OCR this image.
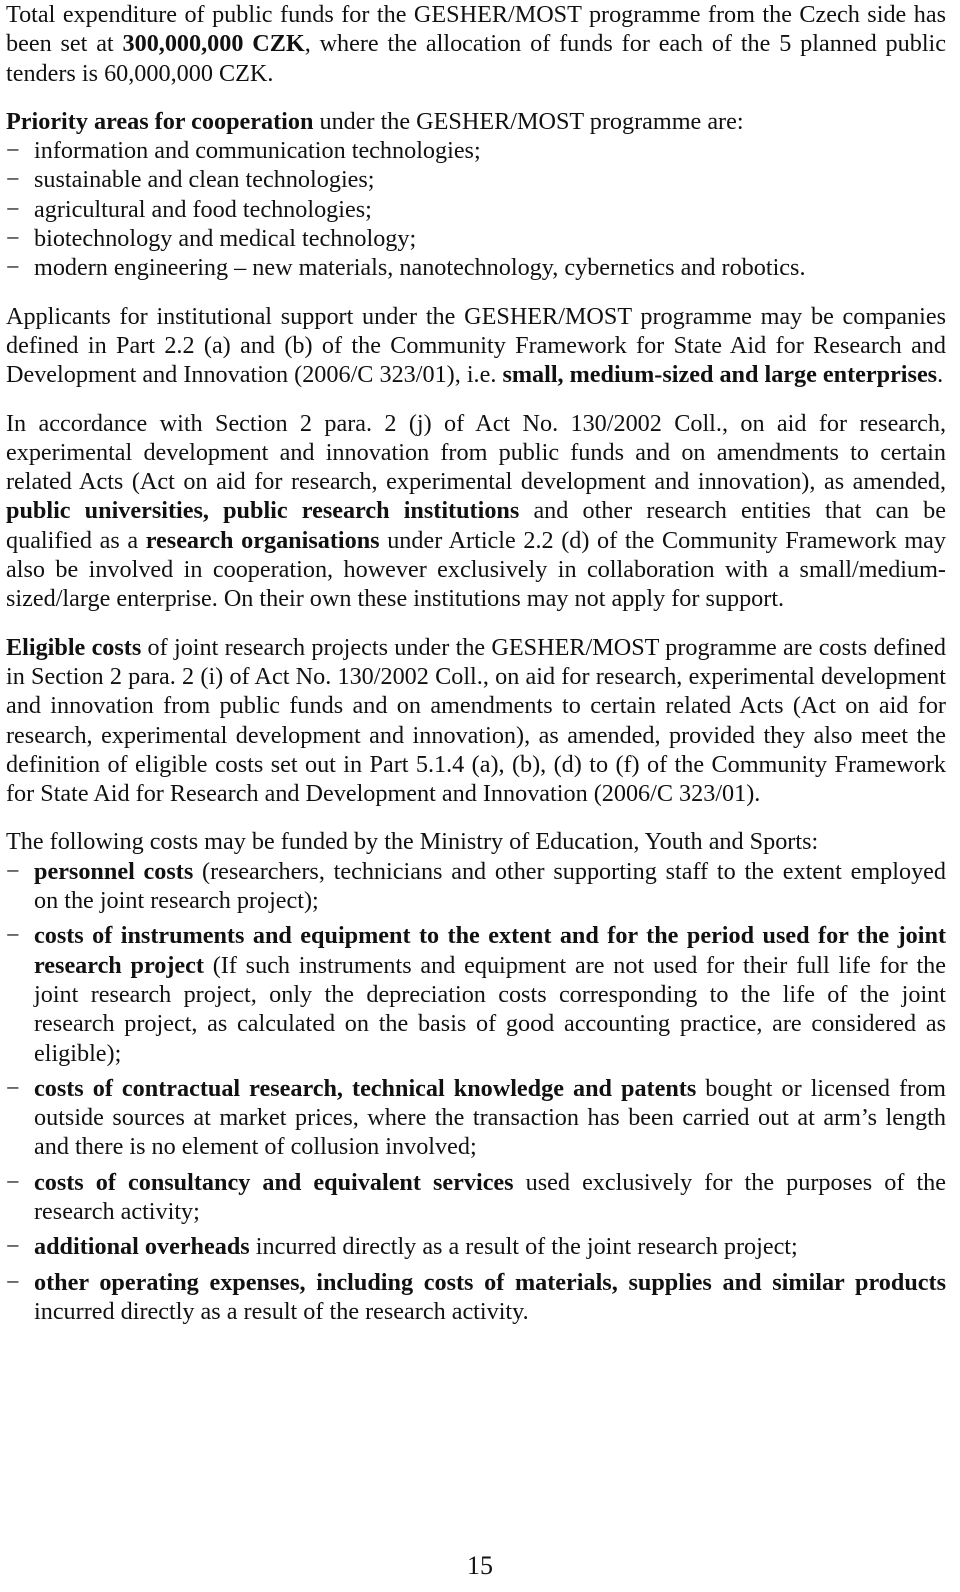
Total expenditure of public funds for the GESHER/MOST programme from the Czech side has been set at 300,000,000 CZK, where the allocation of funds for each of the 5 planned public tenders is 60,000,000 CZK.

Priority areas for cooperation under the GESHER/MOST programme are:

− information and communication technologies;
− sustainable and clean technologies;
− agricultural and food technologies;
− biotechnology and medical technology;
− modern engineering – new materials, nanotechnology, cybernetics and robotics.

Applicants for institutional support under the GESHER/MOST programme may be companies defined in Part 2.2 (a) and (b) of the Community Framework for State Aid for Research and Development and Innovation (2006/C 323/01), i.e. small, medium-sized and large enterprises.

In accordance with Section 2 para. 2 (j) of Act No. 130/2002 Coll., on aid for research, experimental development and innovation from public funds and on amendments to certain related Acts (Act on aid for research, experimental development and innovation), as amended, public universities, public research institutions and other research entities that can be qualified as a research organisations under Article 2.2 (d) of the Community Framework may also be involved in cooperation, however exclusively in collaboration with a small/medium-sized/large enterprise. On their own these institutions may not apply for support.

Eligible costs of joint research projects under the GESHER/MOST programme are costs defined in Section 2 para. 2 (i) of Act No. 130/2002 Coll., on aid for research, experimental development and innovation from public funds and on amendments to certain related Acts (Act on aid for research, experimental development and innovation), as amended, provided they also meet the definition of eligible costs set out in Part 5.1.4 (a), (b), (d) to (f) of the Community Framework for State Aid for Research and Development and Innovation (2006/C 323/01).

The following costs may be funded by the Ministry of Education, Youth and Sports:

− personnel costs (researchers, technicians and other supporting staff to the extent employed on the joint research project);
− costs of instruments and equipment to the extent and for the period used for the joint research project (If such instruments and equipment are not used for their full life for the joint research project, only the depreciation costs corresponding to the life of the joint research project, as calculated on the basis of good accounting practice, are considered as eligible);
− costs of contractual research, technical knowledge and patents bought or licensed from outside sources at market prices, where the transaction has been carried out at arm’s length and there is no element of collusion involved;
− costs of consultancy and equivalent services used exclusively for the purposes of the research activity;
− additional overheads incurred directly as a result of the joint research project;
− other operating expenses, including costs of materials, supplies and similar products incurred directly as a result of the research activity.
15
